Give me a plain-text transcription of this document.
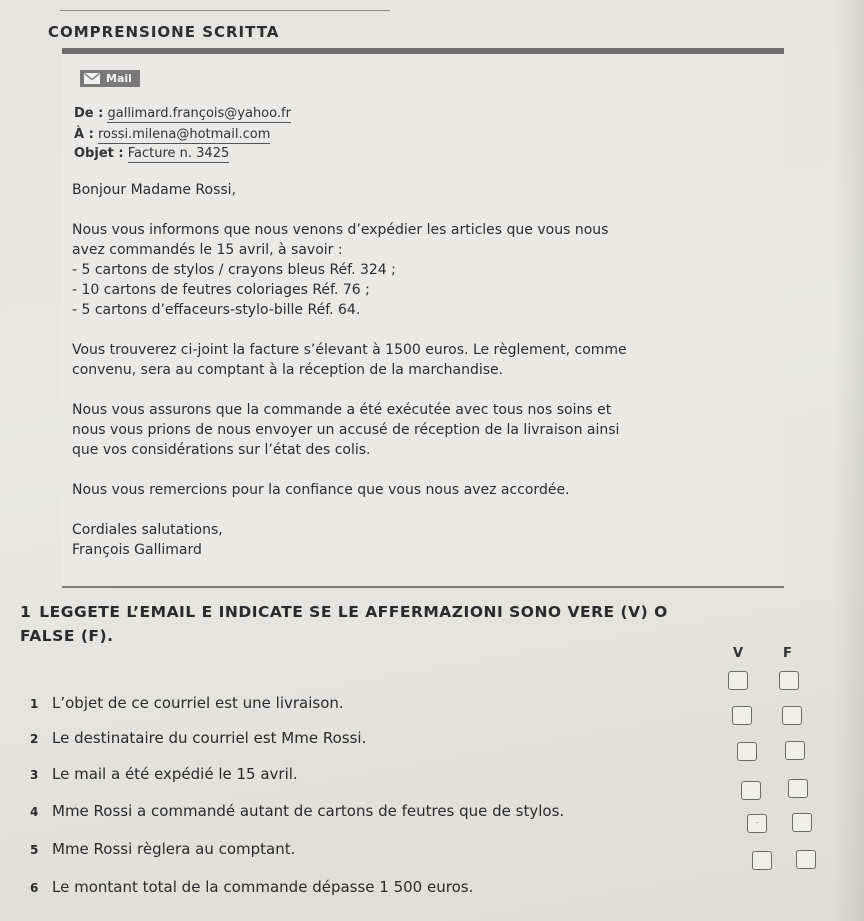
COMPRENSIONE SCRITTA
Mail
De : gallimard.françois@yahoo.fr
À : rossi.milena@hotmail.com
Objet : Facture n. 3425

Bonjour Madame Rossi,

Nous vous informons que nous venons d’expédier les articles que vous nous

avez commandés le 15 avril, à savoir :

- 5 cartons de stylos / crayons bleus Réf. 324 ;

- 10 cartons de feutres coloriages Réf. 76 ;

- 5 cartons d’effaceurs-stylo-bille Réf. 64.

Vous trouverez ci-joint la facture s’élevant à 1500 euros. Le règlement, comme

convenu, sera au comptant à la réception de la marchandise.

Nous vous assurons que la commande a été exécutée avec tous nos soins et

nous vous prions de nous envoyer un accusé de réception de la livraison ainsi

que vos considérations sur l’état des colis.

Nous vous remercions pour la confiance que vous nous avez accordée.

Cordiales salutations,

François Gallimard

1 LEGGETE L’EMAIL E INDICATE SE LE AFFERMAZIONI SONO VERE (V) O
FALSE (F).
V	F
1 L’objet de ce courriel est une livraison.
2 Le destinataire du courriel est Mme Rossi.
3 Le mail a été expédié le 15 avril.
4 Mme Rossi a commandé autant de cartons de feutres que de stylos.
5 Mme Rossi règlera au comptant.
6 Le montant total de la commande dépasse 1 500 euros.
.
